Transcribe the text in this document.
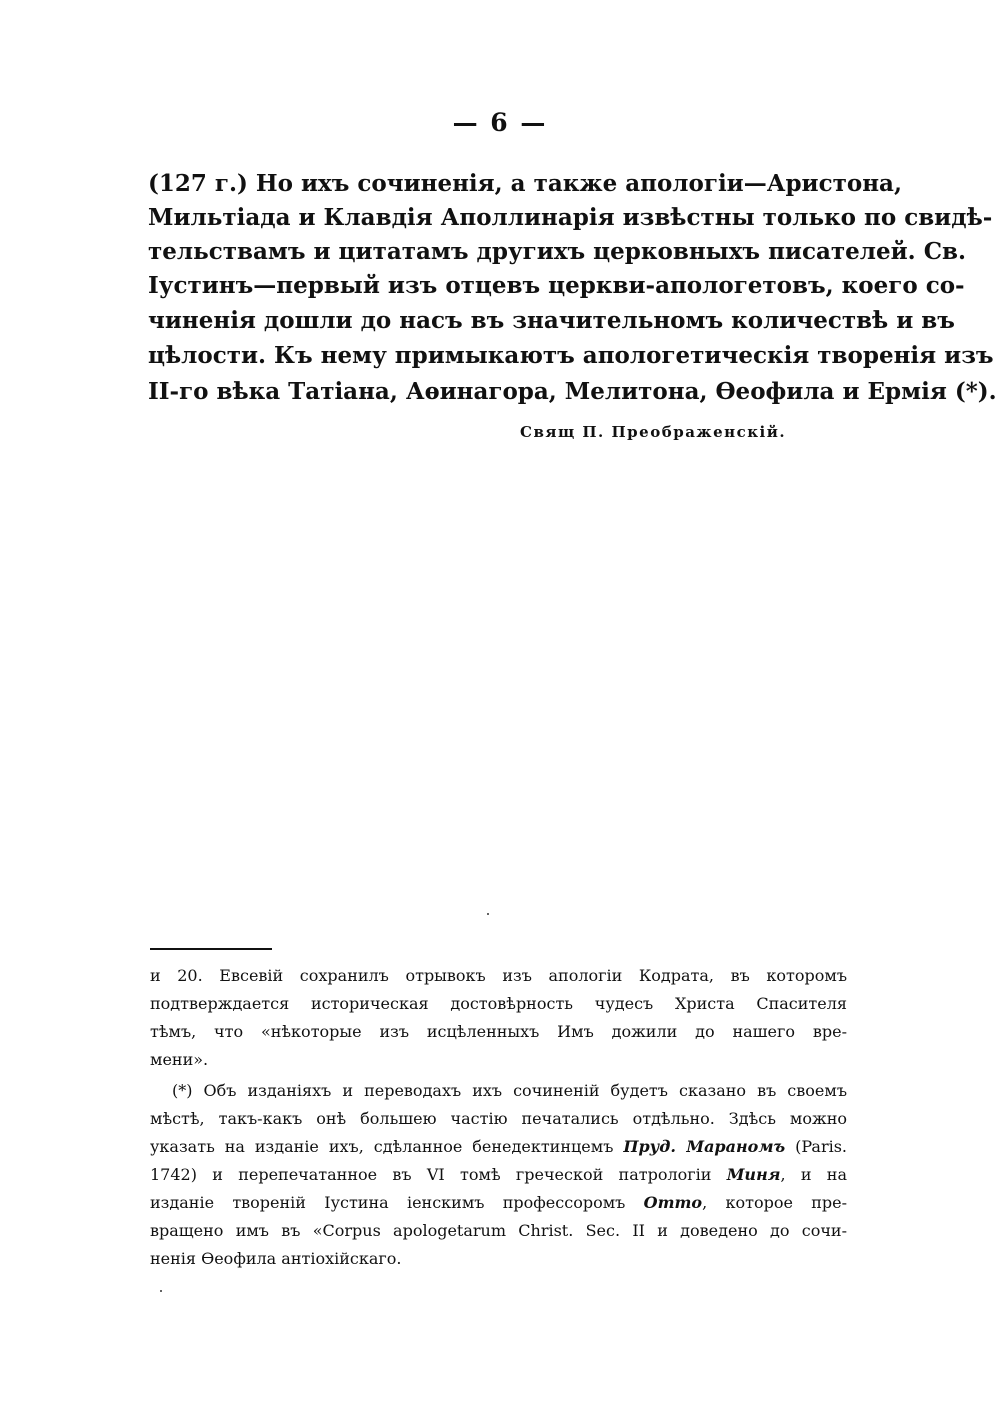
— 6 —
(127 г.) Но ихъ сочиненія, а также апологіи—Аристона,
Мильтіада и Клавдія Аполлинарія извѣстны только по свидѣ-
тельствамъ и цитатамъ другихъ церковныхъ писателей. Св.
Іустинъ—первый изъ отцевъ церкви-апологетовъ, коего со-
чиненія дошли до насъ въ значительномъ количествѣ и въ
цѣлости. Къ нему примыкаютъ апологетическія творенія изъ
II-го вѣка Татіана, Аѳинагора, Мелитона, Ѳеофила и Ермія (*).
Свящ П. Преображенскій.
и 20. Евсевій сохранилъ отрывокъ изъ апологіи Кодрата, въ которомъ
подтверждается историческая достовѣрность чудесъ Христа Спасителя
тѣмъ, что «нѣкоторые изъ исцѣленныхъ Имъ дожили до нашего вре-
мени».
(*) Объ изданіяхъ и переводахъ ихъ сочиненій будетъ сказано въ своемъ
мѣстѣ, такъ-какъ онѣ большею частію печатались отдѣльно. Здѣсь можно
указать на изданіе ихъ, сдѣланное бенедектинцемъ Пруд. Мараномъ (Paris.
1742) и перепечатанное въ VI томѣ греческой патрологіи Миня, и на
изданіе твореній Іустина іенскимъ профессоромъ Отто, которое пре-
вращено имъ въ «Corpus apologetarum Christ. Sec. II и доведено до сочи-
ненія Ѳеофила антіохійскаго.
